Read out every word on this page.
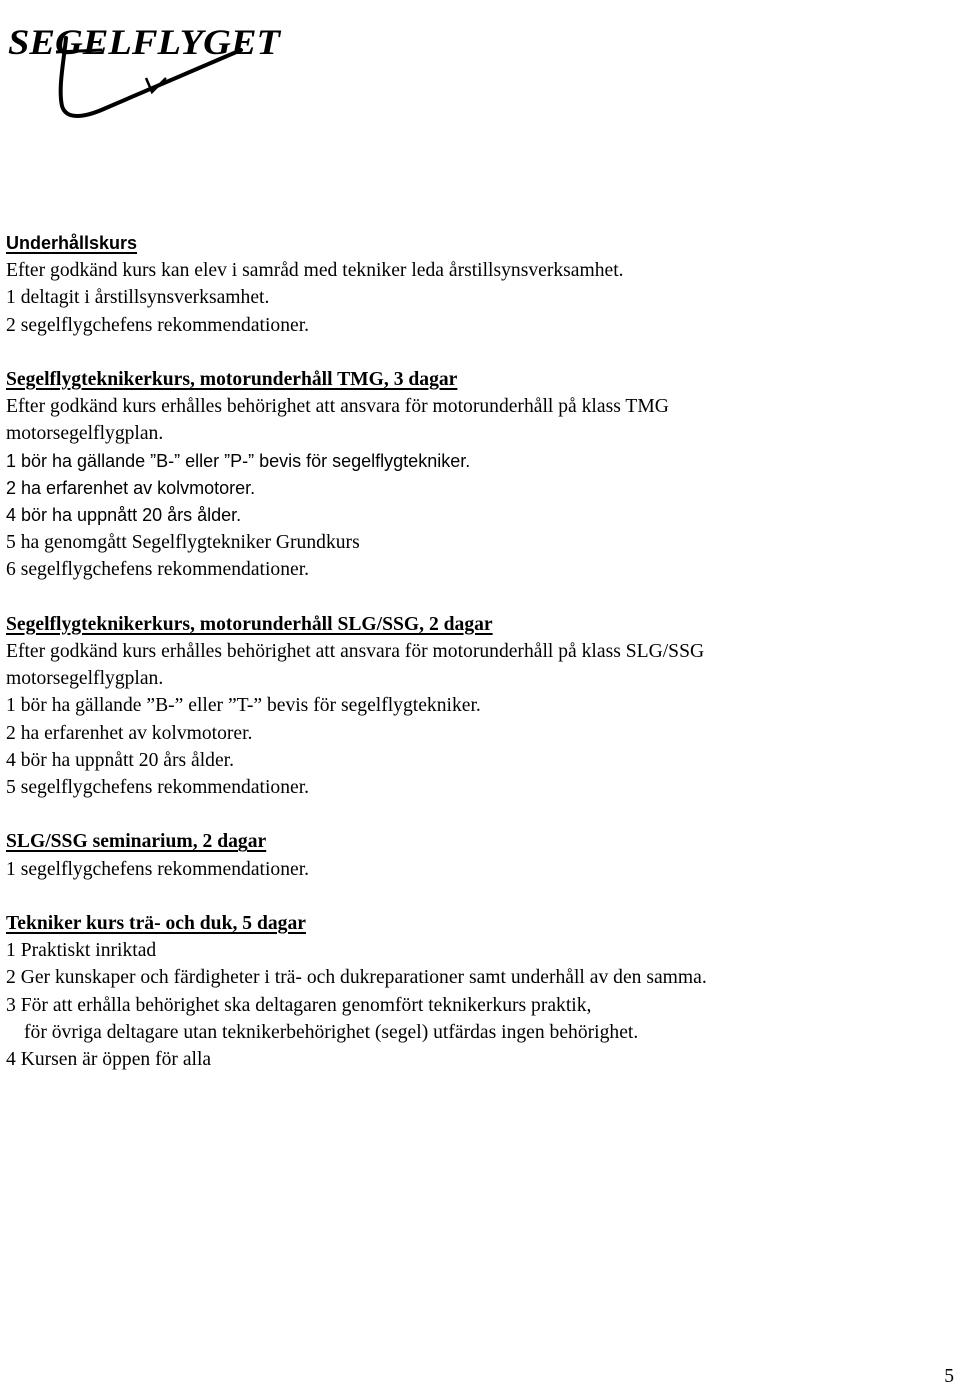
SEGELFLYGET
Underhållskurs
Efter godkänd kurs kan elev i samråd med tekniker leda årstillsynsverksamhet.
1 deltagit i årstillsynsverksamhet.
2 segelflygchefens rekommendationer.
Segelflygteknikerkurs, motorunderhåll TMG, 3 dagar
Efter godkänd kurs erhålles behörighet att ansvara för motorunderhåll på klass TMG
motorsegelflygplan.
1 bör ha gällande ”B-” eller ”P-” bevis för segelflygtekniker.
2 ha erfarenhet av kolvmotorer.
4 bör ha uppnått 20 års ålder.
5 ha genomgått Segelflygtekniker Grundkurs
6 segelflygchefens rekommendationer.
Segelflygteknikerkurs, motorunderhåll SLG/SSG, 2 dagar
Efter godkänd kurs erhålles behörighet att ansvara för motorunderhåll på klass SLG/SSG
motorsegelflygplan.
1 bör ha gällande ”B-” eller ”T-” bevis för segelflygtekniker.
2 ha erfarenhet av kolvmotorer.
4 bör ha uppnått 20 års ålder.
5 segelflygchefens rekommendationer.
SLG/SSG seminarium, 2 dagar
1 segelflygchefens rekommendationer.
Tekniker kurs trä- och duk, 5 dagar
1 Praktiskt inriktad
2 Ger kunskaper och färdigheter i trä- och dukreparationer samt underhåll av den samma.
3 För att erhålla behörighet ska deltagaren genomfört teknikerkurs praktik,
för övriga deltagare utan teknikerbehörighet (segel) utfärdas ingen behörighet.
4 Kursen är öppen för alla
5
